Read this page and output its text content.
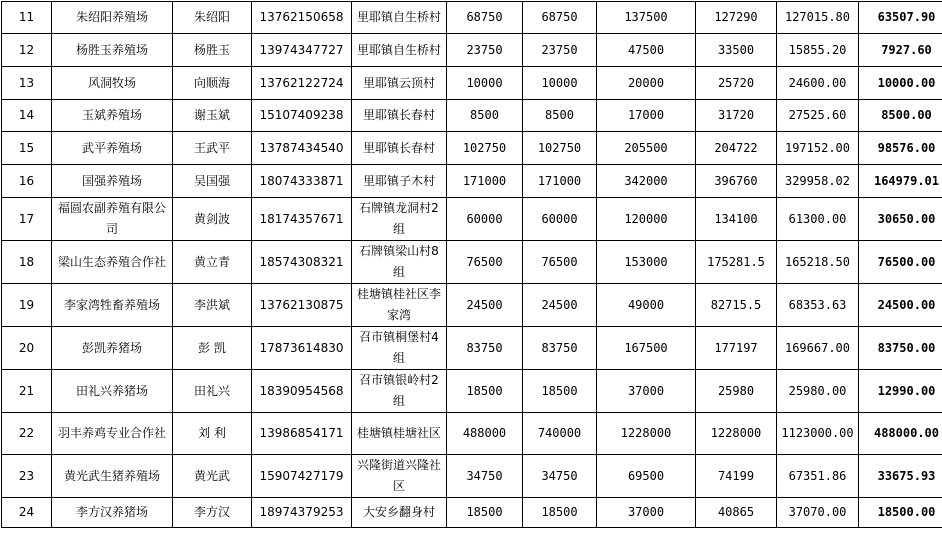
11	朱绍阳养殖场	朱绍阳	13762150658	里耶镇自生桥村	68750	68750	137500	127290	127015.80	63507.90
12	杨胜玉养殖场	杨胜玉	13974347727	里耶镇自生桥村	23750	23750	47500	33500	15855.20	7927.60
13	风洞牧场	向顺海	13762122724	里耶镇云顶村	10000	10000	20000	25720	24600.00	10000.00
14	玉斌养殖场	谢玉斌	15107409238	里耶镇长春村	8500	8500	17000	31720	27525.60	8500.00
15	武平养殖场	王武平	13787434540	里耶镇长春村	102750	102750	205500	204722	197152.00	98576.00
16	国强养殖场	吴国强	18074333871	里耶镇子木村	171000	171000	342000	396760	329958.02	164979.01
17	福圆农副养殖有限公司	黄剑波	18174357671	石牌镇龙洞村2组	60000	60000	120000	134100	61300.00	30650.00
18	梁山生态养殖合作社	黄立青	18574308321	石牌镇梁山村8组	76500	76500	153000	175281.5	165218.50	76500.00
19	李家湾牲畜养殖场	李洪斌	13762130875	桂塘镇桂社区李家湾	24500	24500	49000	82715.5	68353.63	24500.00
20	彭凯养猪场	彭 凯	17873614830	召市镇桐堡村4组	83750	83750	167500	177197	169667.00	83750.00
21	田礼兴养猪场	田礼兴	18390954568	召市镇银岭村2组	18500	18500	37000	25980	25980.00	12990.00
22	羽丰养鸡专业合作社	刘 利	13986854171	桂塘镇桂塘社区	488000	740000	1228000	1228000	1123000.00	488000.00
23	黄光武生猪养殖场	黄光武	15907427179	兴隆街道兴隆社区	34750	34750	69500	74199	67351.86	33675.93
24	李方汉养猪场	李方汉	18974379253	大安乡翻身村	18500	18500	37000	40865	37070.00	18500.00
